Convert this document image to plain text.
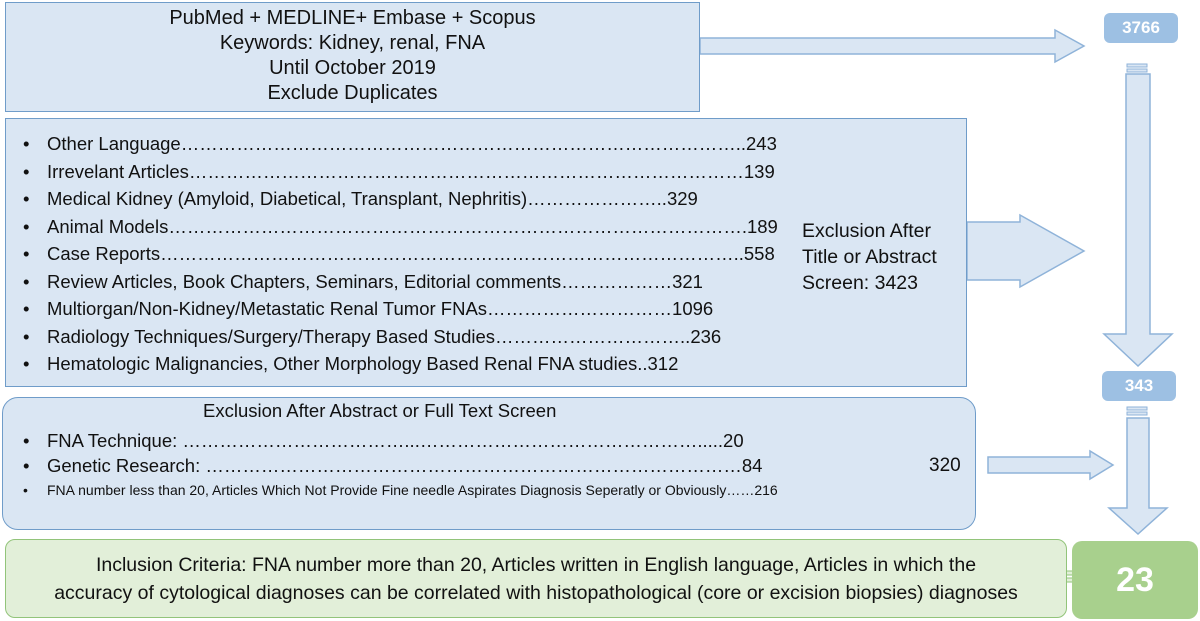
PubMed + MEDLINE+ Embase + Scopus
Keywords: Kidney, renal, FNA
Until October 2019
Exclude Duplicates
• Other Language………………………………………………………………………………..243
• Irrevelant Articles………………………………………………………………………………139
• Medical Kidney (Amyloid, Diabetical, Transplant, Nephritis)…………………..329
• Animal Models………………………………………………………………………………….189
• Case Reports…………………………………………………………………………………..558
• Review Articles, Book Chapters, Seminars, Editorial comments………………321
• Multiorgan/Non-Kidney/Metastatic Renal Tumor FNAs…………………………1096
• Radiology Techniques/Surgery/Therapy Based Studies…………………………..236
• Hematologic Malignancies, Other Morphology Based Renal FNA studies..312
Exclusion After
Title or Abstract
Screen: 3423
Exclusion After Abstract or Full Text Screen
• FNA Technique: ………………………………...……………………………………….....20
• Genetic Research: ……………………………………………………………………………84
• FNA number less than 20, Articles Which Not Provide Fine needle Aspirates Diagnosis Seperatly or Obviously……216
320
Inclusion Criteria: FNA number more than 20, Articles written in English language, Articles in which the
accuracy of cytological diagnoses can be correlated with histopathological (core or excision biopsies) diagnoses
3766
343
23
